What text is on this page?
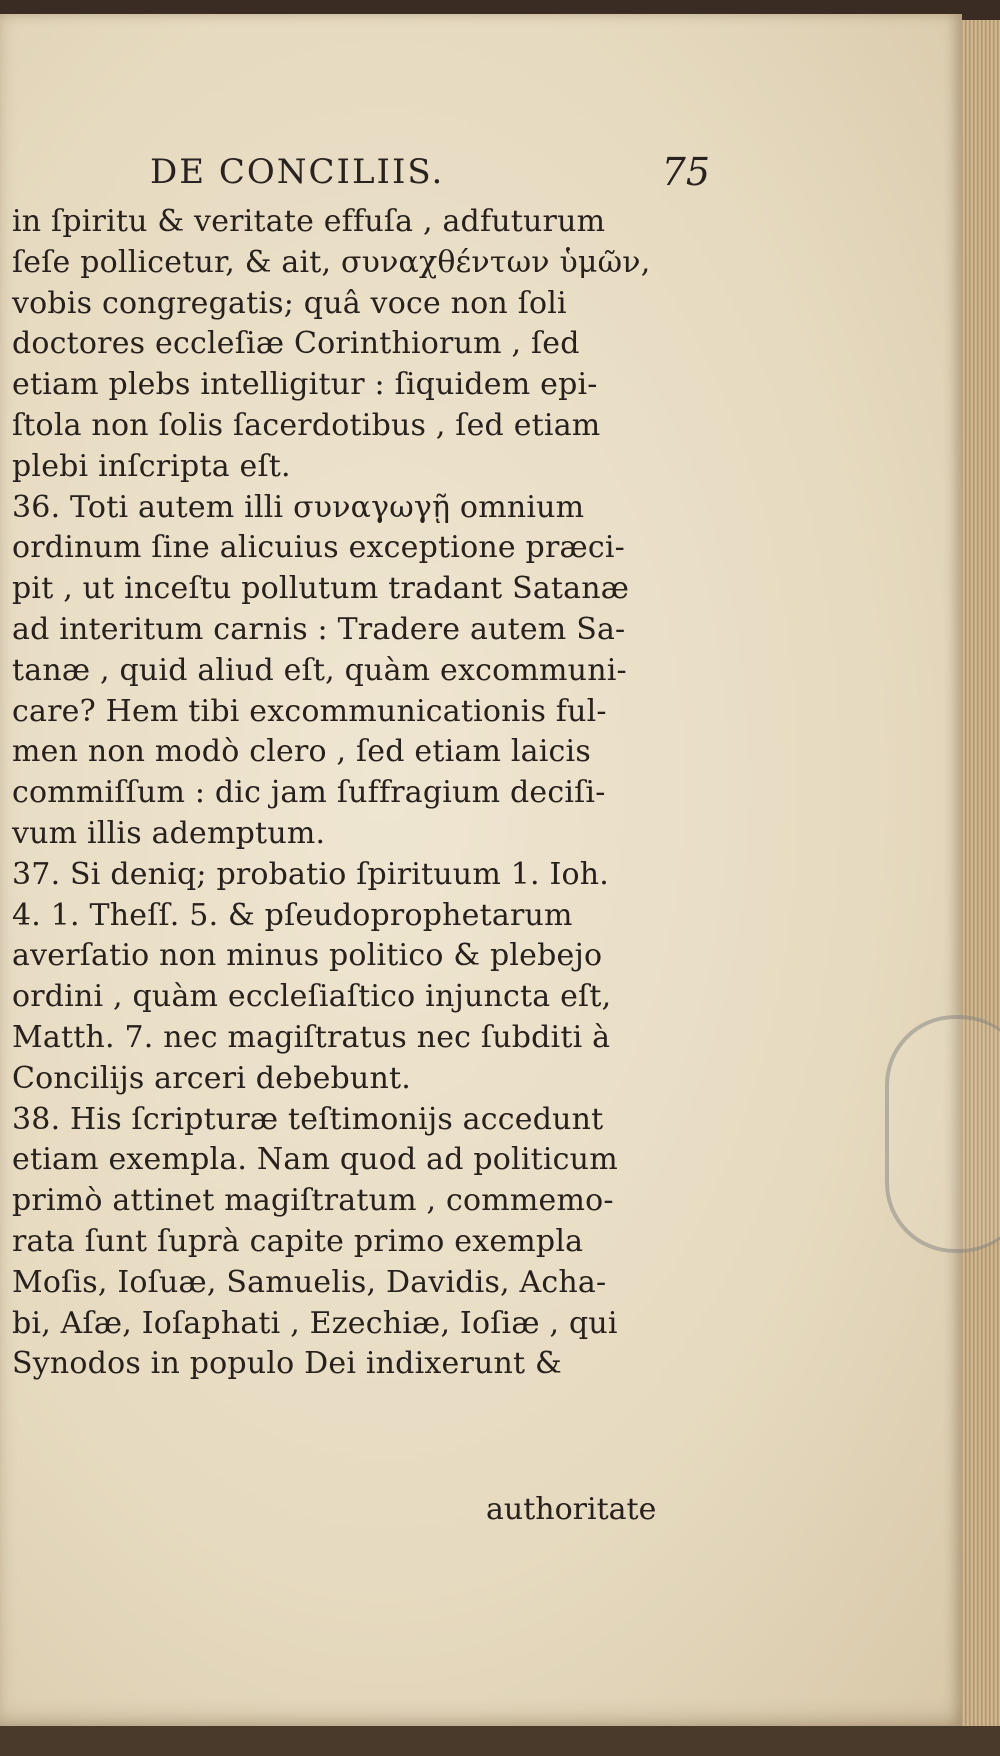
DE CONCILIIS.	75
in ſpiritu & veritate effuſa , adfuturum
ſeſe pollicetur, & ait, συναχθέντων ὑμῶν,
vobis congregatis; quâ voce non ſoli
doctores eccleſiæ Corinthiorum , ſed
etiam plebs intelligitur : ſiquidem epi-
ſtola non ſolis ſacerdotibus , ſed etiam
plebi inſcripta eſt.
36. Toti autem illi συναγωγῇ omnium
ordinum ſine alicuius exceptione præci-
pit , ut inceſtu pollutum tradant Satanæ
ad interitum carnis : Tradere autem Sa-
tanæ , quid aliud eſt, quàm excommuni-
care? Hem tibi excommunicationis ful-
men non modò clero , ſed etiam laicis
commiſſum : dic jam ſuffragium deciſi-
vum illis ademptum.
37. Si deniq; probatio ſpirituum 1. Ioh.
4. 1. Theſſ. 5. & pſeudoprophetarum
averſatio non minus politico & plebejo
ordini , quàm eccleſiaſtico injuncta eſt,
Matth. 7. nec magiſtratus nec ſubditi à
Concilijs arceri debebunt.
38. His ſcripturæ teſtimonijs accedunt
etiam exempla. Nam quod ad politicum
primò attinet magiſtratum , commemo-
rata ſunt ſuprà capite primo exempla
Moſis, Ioſuæ, Samuelis, Davidis, Acha-
bi, Aſæ, Ioſaphati , Ezechiæ, Ioſiæ , qui
Synodos in populo Dei indixerunt &
authoritate
